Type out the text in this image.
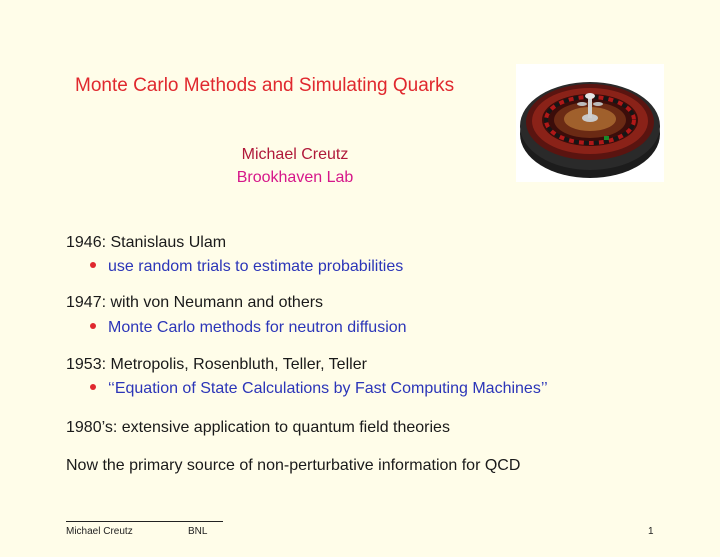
Monte Carlo Methods and Simulating Quarks
Michael Creutz
Brookhaven Lab
1946: Stanislaus Ulam
use random trials to estimate probabilities
1947: with von Neumann and others
Monte Carlo methods for neutron diffusion
1953: Metropolis, Rosenbluth, Teller, Teller
‘‘Equation of State Calculations by Fast Computing Machines’’
1980’s: extensive application to quantum field theories
Now the primary source of non-perturbative information for QCD
Michael Creutz	BNL	1
